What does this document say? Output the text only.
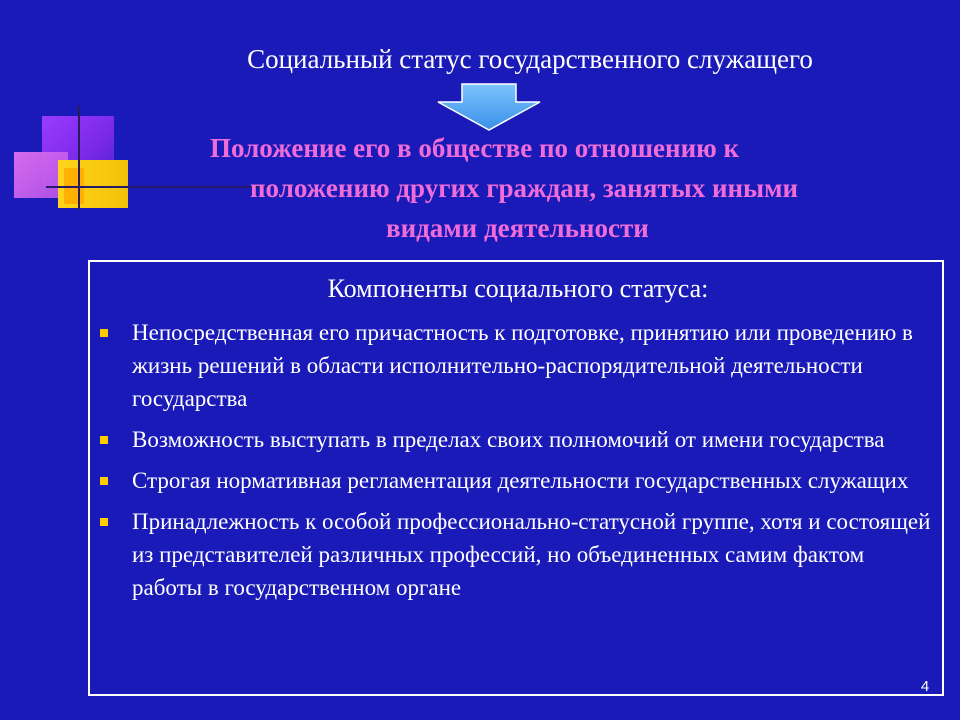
Социальный статус государственного служащего
Положение его в обществе по отношению к
положению других граждан, занятых иными
видами деятельности
Компоненты социального статуса:
Непосредственная его причастность к подготовке, принятию или проведению в жизнь решений в области исполнительно-распорядительной деятельности государства
Возможность выступать в пределах своих полномочий от имени государства
Строгая нормативная регламентация деятельности государственных служащих
Принадлежность к особой профессионально-статусной группе, хотя и состоящей из представителей различных профессий, но объединенных самим фактом работы в государственном органе
4
